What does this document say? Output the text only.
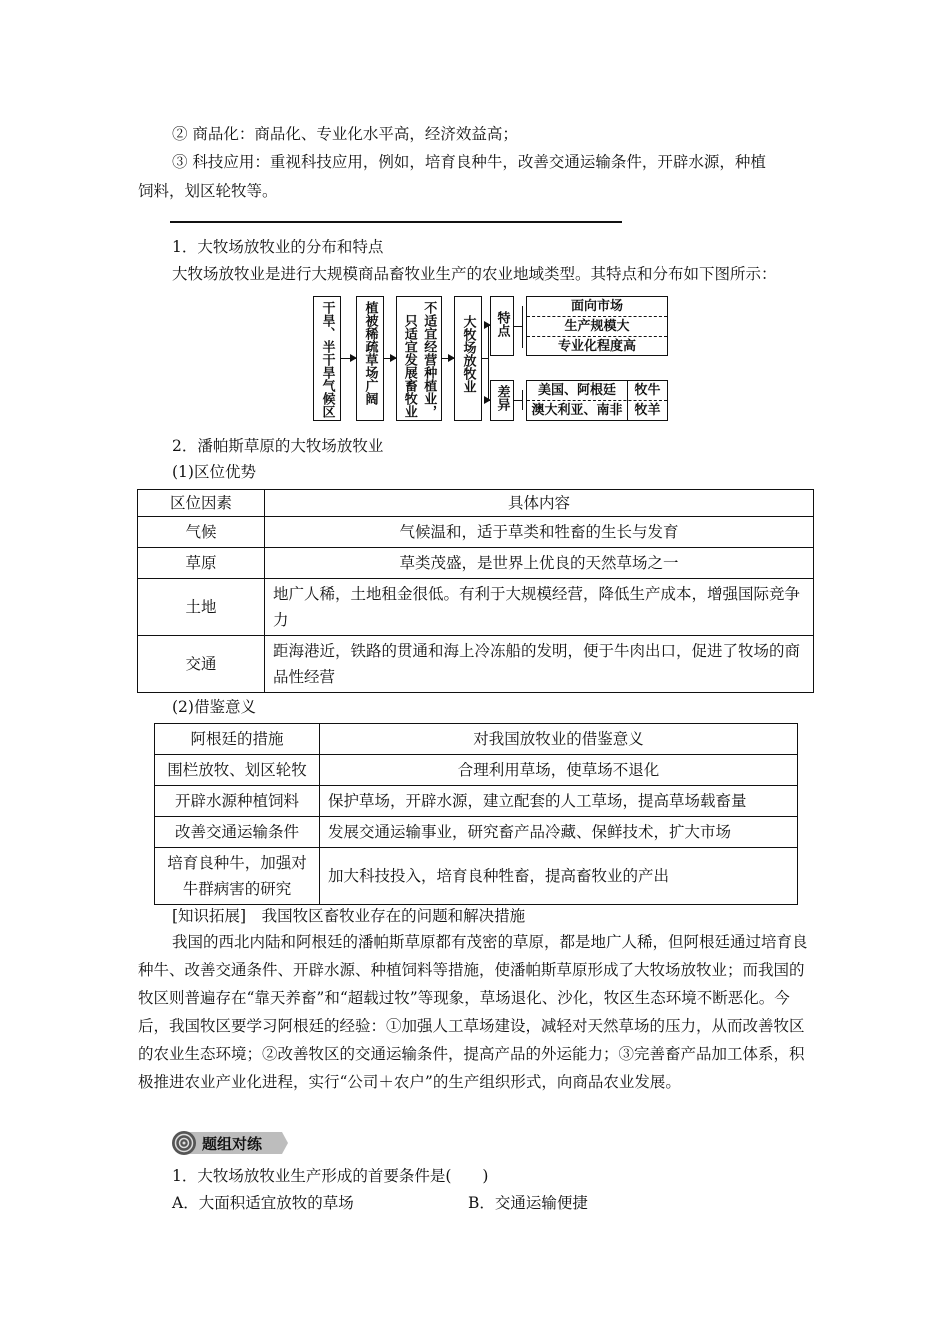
② 商品化：商品化、专业化水平高，经济效益高；
③ 科技应用：重视科技应用，例如，培育良种牛，改善交通运输条件，开辟水源，种植
饲料，划区轮牧等。
1．大牧场放牧业的分布和特点
大牧场放牧业是进行大规模商品畜牧业生产的农业地域类型。其特点和分布如下图所示：
干旱、半干旱气候区	植被稀疏草场广阔	只适宜发展畜牧业 不适宜经营种植业，	大牧场放牧业	特点
面向市场
生产规模大
专业化程度高
差异	美国、阿根廷	牧牛
澳大利亚、南非 牧羊
2．潘帕斯草原的大牧场放牧业
(1)区位优势
区位因素	具体内容
气候	气候温和，适于草类和牲畜的生长与发育
草原	草类茂盛，是世界上优良的天然草场之一
土地	地广人稀，土地租金很低。有利于大规模经营，降低生产成本，增强国际竞争力
交通	距海港近，铁路的贯通和海上冷冻船的发明，便于牛肉出口，促进了牧场的商品性经营
(2)借鉴意义
阿根廷的措施	对我国放牧业的借鉴意义
围栏放牧、划区轮牧	合理利用草场，使草场不退化
开辟水源种植饲料	保护草场，开辟水源，建立配套的人工草场，提高草场载畜量
改善交通运输条件	发展交通运输事业，研究畜产品冷藏、保鲜技术，扩大市场
培育良种牛，加强对牛群病害的研究	加大科技投入，培育良种牲畜，提高畜牧业的产出
[知识拓展]　我国牧区畜牧业存在的问题和解决措施
我国的西北内陆和阿根廷的潘帕斯草原都有茂密的草原，都是地广人稀，但阿根廷通过培育良种牛、改善交通条件、开辟水源、种植饲料等措施，使潘帕斯草原形成了大牧场放牧业；而我国的牧区则普遍存在“靠天养畜”和“超载过牧”等现象，草场退化、沙化，牧区生态环境不断恶化。今后，我国牧区要学习阿根廷的经验：①加强人工草场建设，减轻对天然草场的压力，从而改善牧区的农业生态环境；②改善牧区的交通运输条件，提高产品的外运能力；③完善畜产品加工体系，积极推进农业产业化进程，实行“公司＋农户”的生产组织形式，向商品农业发展。
题组对练
1．大牧场放牧业生产形成的首要条件是(　　)
A．大面积适宜放牧的草场	B．交通运输便捷
